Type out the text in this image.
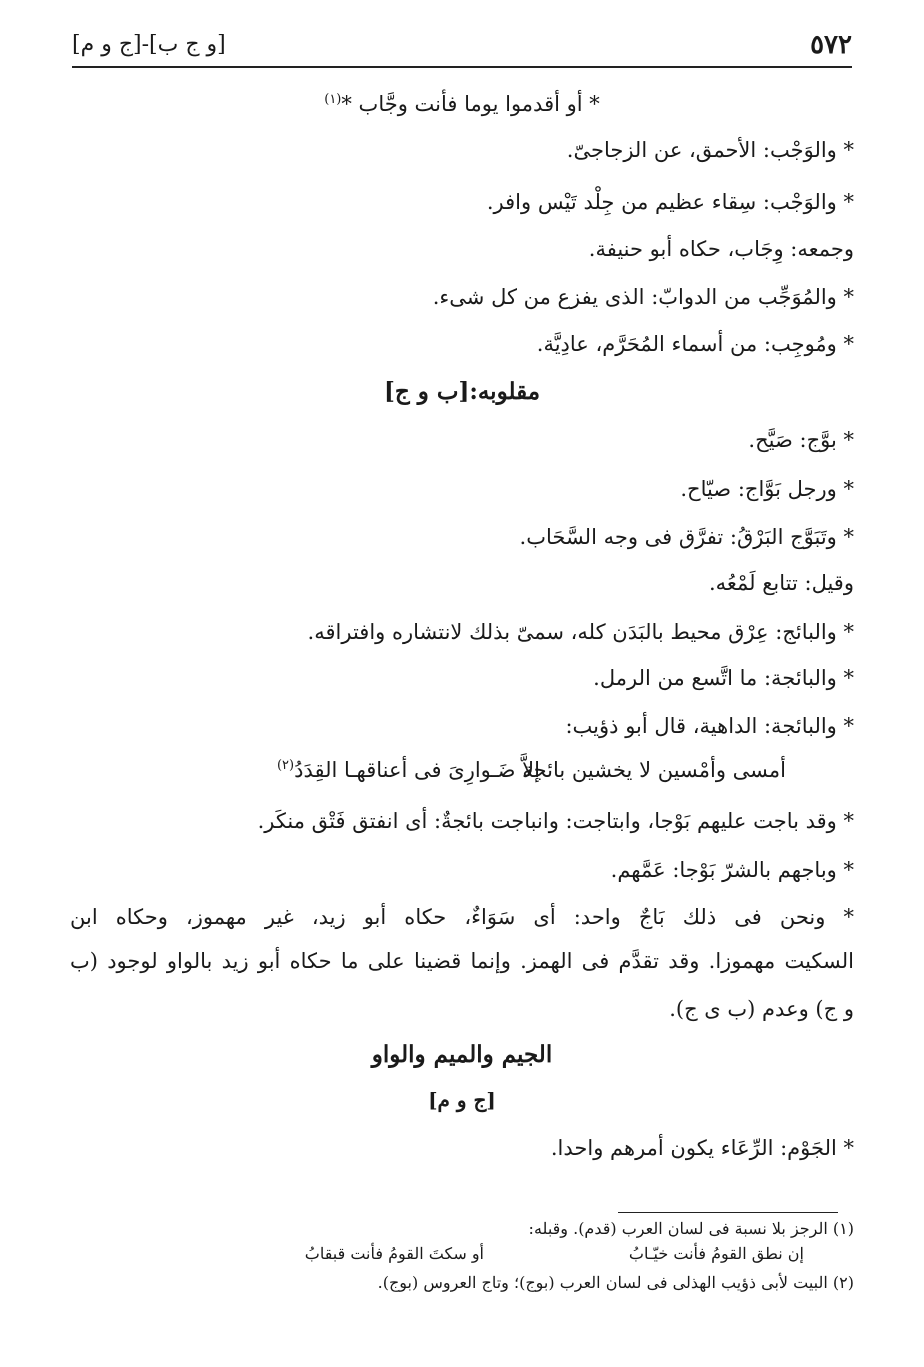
٥٧٢
[و ج ب]-[ج و م]
* أو أقدموا يوما فأنت وجَّاب *$^{(١)}$
* والوَجْب: الأحمق، عن الزجاجىّ.
* والوَجْب: سِقاء عظيم من جِلْد تَيْس وافر.
وجمعه: وِجَاب، حكاه أبو حنيفة.
* والمُوَجِّب من الدوابّ: الذى يفزع من كل شىء.
* ومُوجِب: من أسماء المُحَرَّم، عادِيَّة.
مقلوبه:[ب و ج]
* بوَّج: صَيَّح.
* ورجل بَوَّاج: صيّاح.
* وتَبَوَّج البَرْقُ: تفرَّق فى وجه السَّحَاب.
وقيل: تتابع لَمْعُه.
* والبائج: عِرْق محيط بالبَدَن كله، سمىّ بذلك لانتشاره وافتراقه.
* والبائجة: ما اتَّسع من الرمل.
* والبائجة: الداهية، قال أبو ذؤيب:
أمسى وأمْسين لا يخشين بائجة
إلاَّ ضَـوارِىَ فى أعناقهـا القِدَدُ$^{(٢)}$
* وقد باجت عليهم بَوْجا، وابتاجت: وانباجت بائجةٌ: أى انفتق فَتْق منكَر.
* وباجهم بالشرّ بَوْجا: عَمَّهم.
* ونحن فى ذلك بَاجٌ واحد: أى سَوَاءٌ، حكاه أبو زيد، غير مهموز، وحكاه ابن
السكيت مهموزا. وقد تقدَّم فى الهمز. وإنما قضينا على ما حكاه أبو زيد بالواو لوجود (ب
و ج) وعدم (ب ى ج).
الجيم والميم والواو
[ج و م]
* الجَوْم: الرِّعَاء يكون أمرهم واحدا.
(١) الرجز بلا نسبة فى لسان العرب (قدم). وقبله:
إن نطق القومُ فأنت خيّـابُ
أو سكتَ القومُ فأنت قبقابُ
(٢) البيت لأبى ذؤيب الهذلى فى لسان العرب (بوج)؛ وتاج العروس (بوج).
